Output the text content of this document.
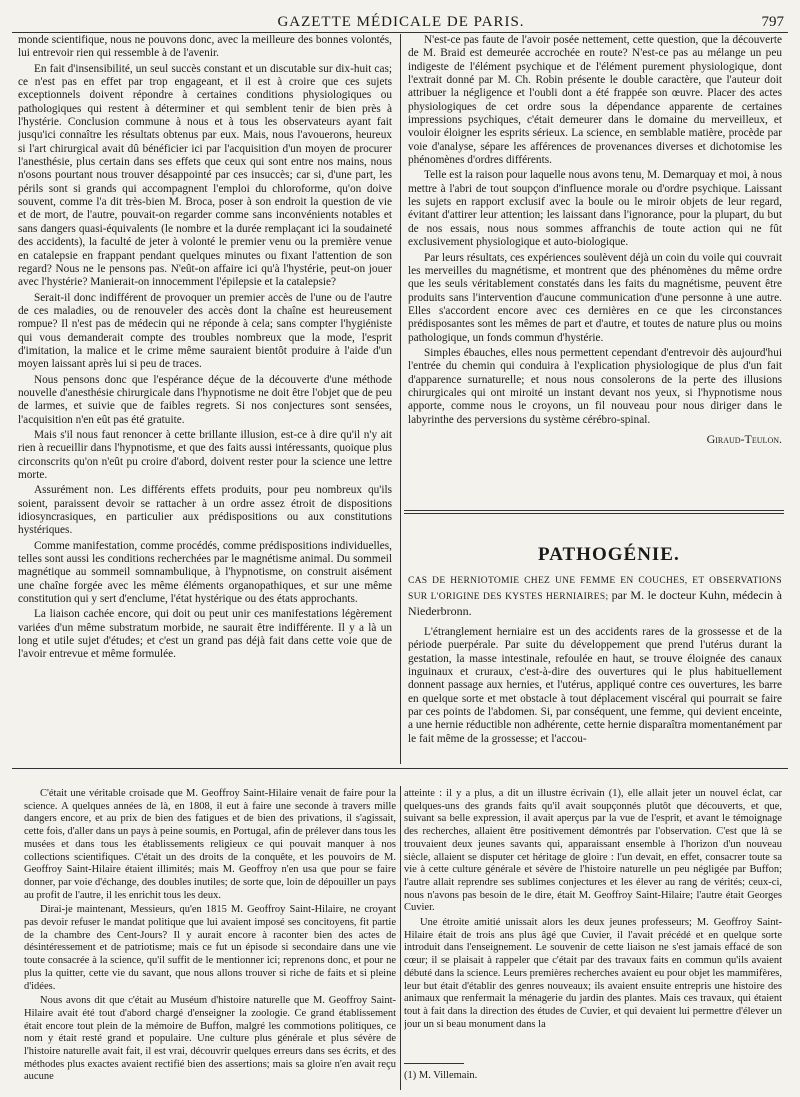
GAZETTE MÉDICALE DE PARIS.	797

monde scientifique, nous ne pouvons donc, avec la meilleure des bonnes volontés, lui entrevoir rien qui ressemble à de l'avenir.

En fait d'insensibilité, un seul succès constant et un discutable sur dix-huit cas; ce n'est pas en effet par trop engageant, et il est à croire que ces sujets exceptionnels doivent répondre à certaines conditions physiologiques ou pathologiques qui restent à déterminer et qui semblent tenir de bien près à l'hystérie. Conclusion commune à nous et à tous les observateurs ayant fait jusqu'ici connaître les résultats obtenus par eux. Mais, nous l'avouerons, heureux si l'art chirurgical avait dû bénéficier ici par l'acquisition d'un moyen de procurer l'anesthésie, plus certain dans ses effets que ceux qui sont entre nos mains, nous n'osons pourtant nous trouver désappointé par ces insuccès; car si, d'une part, les périls sont si grands qui accompagnent l'emploi du chloroforme, qu'on doive souvent, comme l'a dit très-bien M. Broca, poser à son endroit la question de vie et de mort, de l'autre, pouvait-on regarder comme sans inconvénients notables et sans dangers quasi-équivalents (le nombre et la durée remplaçant ici la soudaineté des accidents), la faculté de jeter à volonté le premier venu ou la première venue en catalepsie en frappant pendant quelques minutes ou fixant l'attention de son regard? Nous ne le pensons pas. N'eût-on affaire ici qu'à l'hystérie, peut-on jouer avec l'hystérie? Manierait-on innocemment l'épilepsie et la catalepsie?

Serait-il donc indifférent de provoquer un premier accès de l'une ou de l'autre de ces maladies, ou de renouveler des accès dont la chaîne est heureusement rompue? Il n'est pas de médecin qui ne réponde à cela; sans compter l'hygiéniste qui vous demanderait compte des troubles nombreux que la mode, l'esprit d'imitation, la malice et le crime même sauraient bientôt produire à l'aide d'un moyen laissant après lui si peu de traces.

Nous pensons donc que l'espérance déçue de la découverte d'une méthode nouvelle d'anesthésie chirurgicale dans l'hypnotisme ne doit être l'objet que de peu de larmes, et suivie que de faibles regrets. Si nos conjectures sont sensées, l'acquisition n'en eût pas été gratuite.

Mais s'il nous faut renoncer à cette brillante illusion, est-ce à dire qu'il n'y ait rien à recueillir dans l'hypnotisme, et que des faits aussi intéressants, quoique plus circonscrits qu'on n'eût pu croire d'abord, doivent rester pour la science une lettre morte.

Assurément non. Les différents effets produits, pour peu nombreux qu'ils soient, paraissent devoir se rattacher à un ordre assez étroit de dispositions idiosyncrasiques, en particulier aux prédispositions ou aux constitutions hystériques.

Comme manifestation, comme procédés, comme prédispositions individuelles, telles sont aussi les conditions recherchées par le magnétisme animal. Du sommeil magnétique au sommeil somnambulique, à l'hypnotisme, on construit aisément une chaîne forgée avec les même éléments organopathiques, et sur une même constitution qui y sert d'enclume, l'état hystérique ou des états approchants.

La liaison cachée encore, qui doit ou peut unir ces manifestations légèrement variées d'un même substratum morbide, ne saurait être indifférente. Il y a là un long et utile sujet d'études; et c'est un grand pas déjà fait dans cette voie que de l'avoir entrevue et même formulée.

N'est-ce pas faute de l'avoir posée nettement, cette question, que la découverte de M. Braid est demeurée accrochée en route? N'est-ce pas au mélange un peu indigeste de l'élément psychique et de l'élément purement physiologique, dont l'extrait donné par M. Ch. Robin présente le double caractère, que l'auteur doit attribuer la négligence et l'oubli dont a été frappée son œuvre. Placer des actes physiologiques de cet ordre sous la dépendance apparente de certaines impressions psychiques, c'était demeurer dans le domaine du merveilleux, et vouloir éloigner les esprits sérieux. La science, en semblable matière, procède par voie d'analyse, sépare les afférences de provenances diverses et dichotomise les phénomènes d'ordres différents.

Telle est la raison pour laquelle nous avons tenu, M. Demarquay et moi, à nous mettre à l'abri de tout soupçon d'influence morale ou d'ordre psychique. Laissant les sujets en rapport exclusif avec la boule ou le miroir objets de leur regard, évitant d'attirer leur attention; les laissant dans l'ignorance, pour la plupart, du but de nos essais, nous nous sommes affranchis de toute action qui ne fût exclusivement physiologique et auto-biologique.

Par leurs résultats, ces expériences soulèvent déjà un coin du voile qui couvrait les merveilles du magnétisme, et montrent que des phénomènes du même ordre que les seuls véritablement constatés dans les faits du magnétisme, peuvent être produits sans l'intervention d'aucune communication d'une personne à une autre. Elles s'accordent encore avec ces dernières en ce que les circonstances prédisposantes sont les mêmes de part et d'autre, et toutes de nature plus ou moins pathologique, un fonds commun d'hystérie.

Simples ébauches, elles nous permettent cependant d'entrevoir dès aujourd'hui l'entrée du chemin qui conduira à l'explication physiologique de plus d'un fait d'apparence surnaturelle; et nous nous consolerons de la perte des illusions chirurgicales qui ont miroité un instant devant nos yeux, si l'hypnotisme nous apporte, comme nous le croyons, un fil nouveau pour nous diriger dans le labyrinthe des perversions du système cérébro-spinal.

Giraud-Teulon.
PATHOGÉNIE.
CAS DE HERNIOTOMIE CHEZ UNE FEMME EN COUCHES, ET OBSERVATIONS SUR L'ORIGINE DES KYSTES HERNIAIRES; par M. le docteur Kuhn, médecin à Niederbronn.

L'étranglement herniaire est un des accidents rares de la grossesse et de la période puerpérale. Par suite du développement que prend l'utérus durant la gestation, la masse intestinale, refoulée en haut, se trouve éloignée des canaux inguinaux et cruraux, c'est-à-dire des ouvertures qui le plus habituellement donnent passage aux hernies, et l'utérus, appliqué contre ces ouvertures, les barre en quelque sorte et met obstacle à tout déplacement viscéral qui pourrait se faire par ces points de l'abdomen. Si, par conséquent, une femme, qui devient enceinte, a une hernie réductible non adhérente, cette hernie disparaîtra momentanément par le fait même de la grossesse; et l'accou-

C'était une véritable croisade que M. Geoffroy Saint-Hilaire venait de faire pour la science. A quelques années de là, en 1808, il eut à faire une seconde à travers mille dangers encore, et au prix de bien des fatigues et de bien des privations, il s'agissait, cette fois, d'aller dans un pays à peine soumis, en Portugal, afin de prélever dans tous les musées et dans tous les établissements religieux ce qui pouvait manquer à nos collections scientifiques. C'était un des droits de la conquête, et les pouvoirs de M. Geoffroy Saint-Hilaire étaient illimités; mais M. Geoffroy n'en usa que pour se faire donner, par voie d'échange, des doubles inutiles; de sorte que, loin de dépouiller un pays au profit de l'autre, il les enrichit tous les deux.

Dirai-je maintenant, Messieurs, qu'en 1815 M. Geoffroy Saint-Hilaire, ne croyant pas devoir refuser le mandat politique que lui avaient imposé ses concitoyens, fit partie de la chambre des Cent-Jours? Il y aurait encore à raconter bien des actes de désintéressement et de patriotisme; mais ce fut un épisode si secondaire dans une vie toute consacrée à la science, qu'il suffit de le mentionner ici; reprenons donc, et pour ne plus la quitter, cette vie du savant, que nous allons trouver si riche de faits et si pleine d'idées.

Nous avons dit que c'était au Muséum d'histoire naturelle que M. Geoffroy Saint-Hilaire avait été tout d'abord chargé d'enseigner la zoologie. Ce grand établissement était encore tout plein de la mémoire de Buffon, malgré les commotions politiques, ce nom y était resté grand et populaire. Une culture plus générale et plus sévère de l'histoire naturelle avait fait, il est vrai, découvrir quelques erreurs dans ses écrits, et des méthodes plus exactes avaient rectifié bien des assertions; mais sa gloire n'en avait reçu aucune

atteinte : il y a plus, a dit un illustre écrivain (1), elle allait jeter un nouvel éclat, car quelques-uns des grands faits qu'il avait soupçonnés plutôt que découverts, et que, suivant sa belle expression, il avait aperçus par la vue de l'esprit, et avant le témoignage des recherches, allaient être positivement démontrés par l'observation. C'est que là se trouvaient deux jeunes savants qui, apparaissant ensemble à l'horizon d'un nouveau siècle, allaient se disputer cet héritage de gloire : l'un devait, en effet, consacrer toute sa vie à cette culture générale et sévère de l'histoire naturelle un peu négligée par Buffon; l'autre allait reprendre ses sublimes conjectures et les élever au rang de vérités; ceux-ci, nous n'avons pas besoin de le dire, était M. Geoffroy Saint-Hilaire; l'autre était Georges Cuvier.

Une étroite amitié unissait alors les deux jeunes professeurs; M. Geoffroy Saint-Hilaire était de trois ans plus âgé que Cuvier, il l'avait précédé et en quelque sorte introduit dans l'enseignement. Le souvenir de cette liaison ne s'est jamais effacé de son cœur; il se plaisait à rappeler que c'était par des travaux faits en commun qu'ils avaient débuté dans la science. Leurs premières recherches avaient eu pour objet les mammifères, leur but était d'établir des genres nouveaux; ils avaient ensuite entrepris une histoire des animaux que renfermait la ménagerie du jardin des plantes. Mais ces travaux, qui étaient tout à fait dans la direction des études de Cuvier, et qui devaient lui permettre d'élever un jour un si beau monument dans la

(1) M. Villemain.
